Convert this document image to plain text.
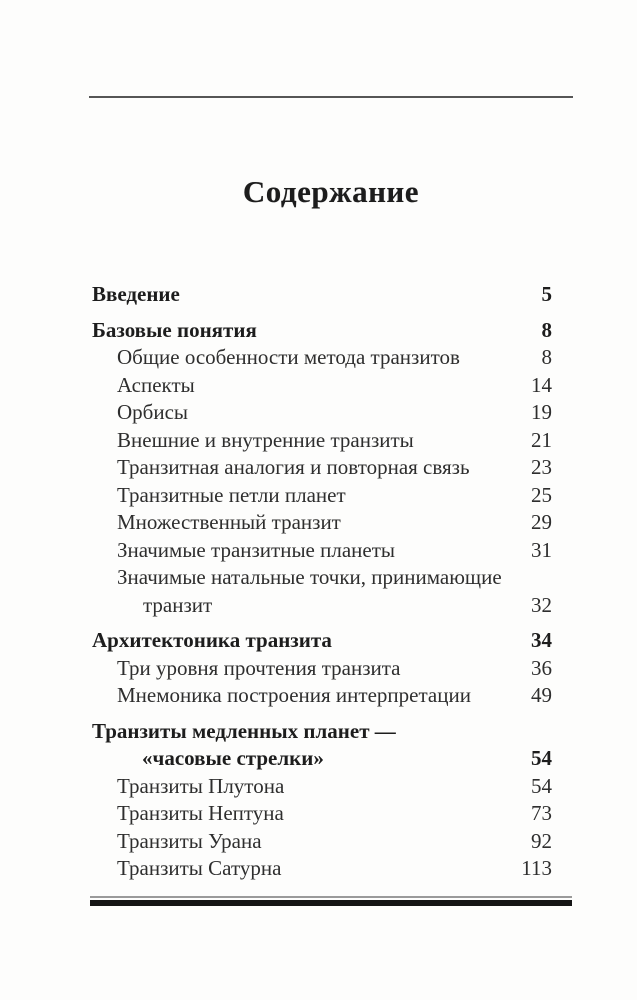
Содержание
Введение	5
Базовые понятия	8
Общие особенности метода транзитов	8
Аспекты	14
Орбисы	19
Внешние и внутренние транзиты	21
Транзитная аналогия и повторная связь	23
Транзитные петли планет	25
Множественный транзит	29
Значимые транзитные планеты	31
Значимые натальные точки, принимающие
транзит	32
Архитектоника транзита	34
Три уровня прочтения транзита	36
Мнемоника построения интерпретации	49
Транзиты медленных планет —
«часовые стрелки»	54
Транзиты Плутона	54
Транзиты Нептуна	73
Транзиты Урана	92
Транзиты Сатурна	113
